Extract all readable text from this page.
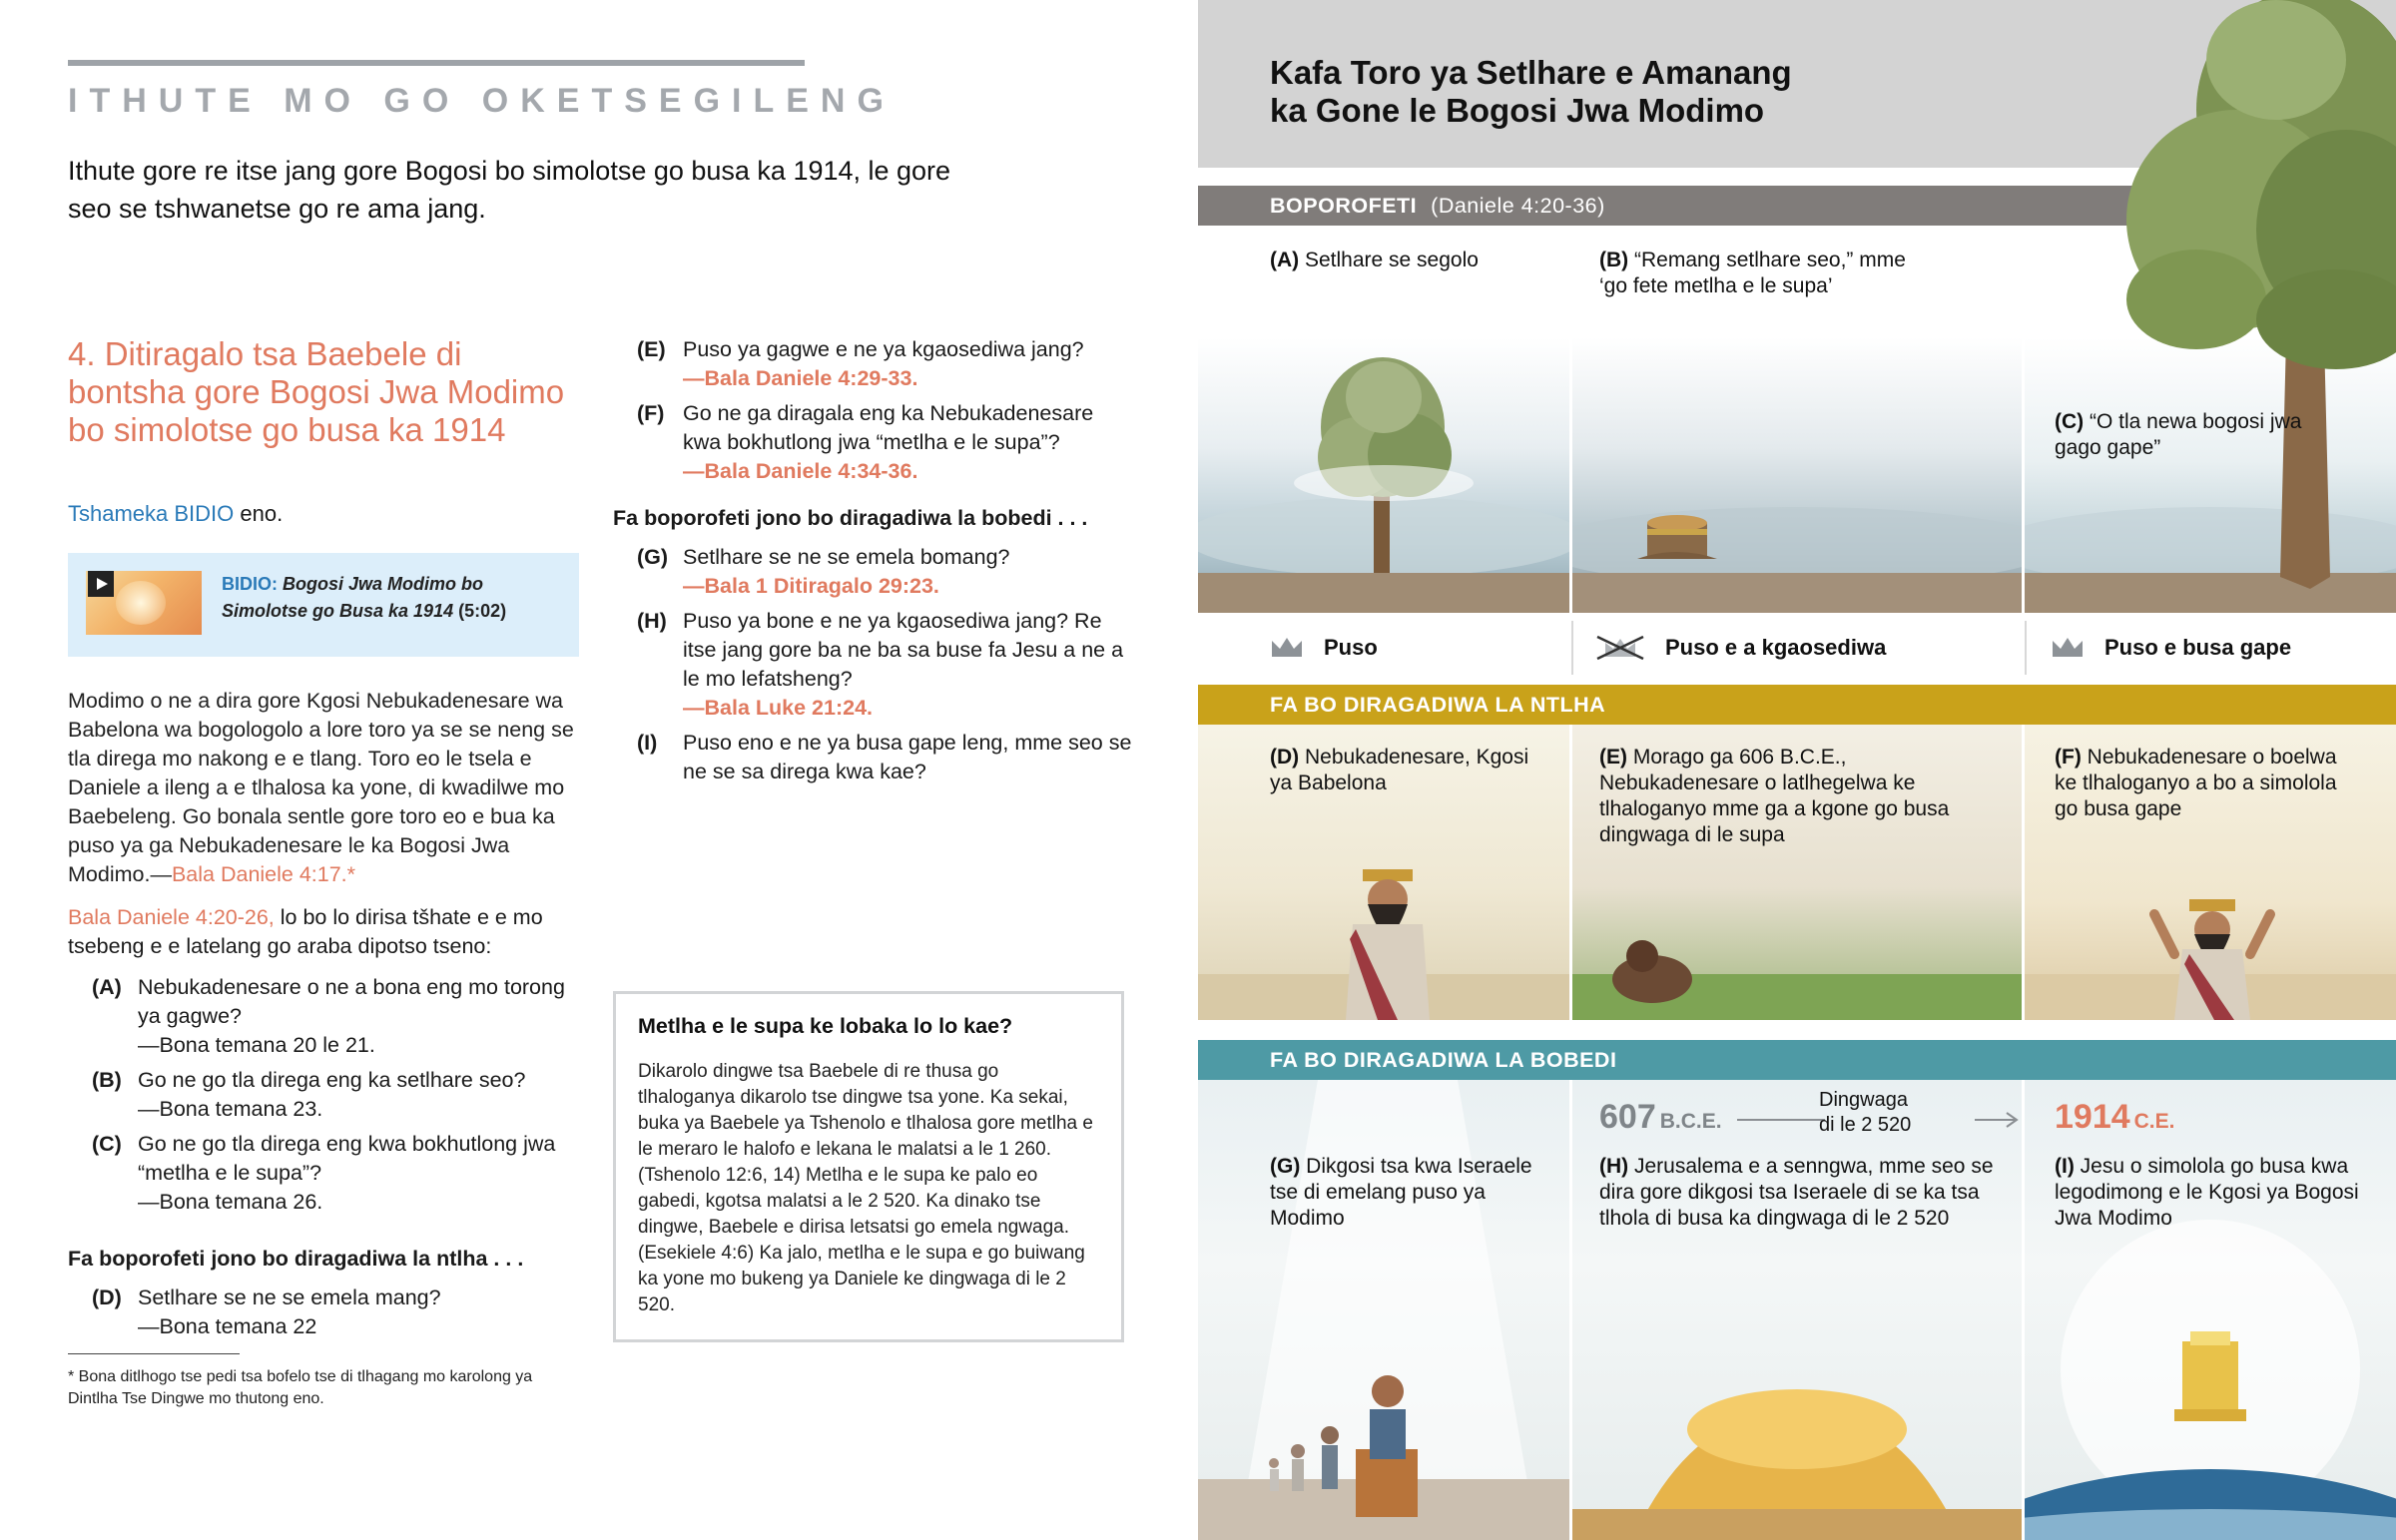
ITHUTE MO GO OKETSEGILENG
Ithute gore re itse jang gore Bogosi bo simolotse go busa ka 1914, le gore seo se tshwanetse go re ama jang.
4. Ditiragalo tsa Baebele di bontsha gore Bogosi Jwa Modimo bo simolotse go busa ka 1914
Tshameka BIDIO eno.
BIDIO: Bogosi Jwa Modimo bo Simolotse go Busa ka 1914 (5:02)

Modimo o ne a dira gore Kgosi Nebukadenesare wa Babelona wa bogologolo a lore toro ya se se neng se tla direga mo nakong e e tlang. Toro eo le tsela e Daniele a ileng a e tlhalosa ka yone, di kwadilwe mo Baebeleng. Go bonala sentle gore toro eo e bua ka puso ya ga Nebukadenesare le ka Bogosi Jwa Modimo.—Bala Daniele 4:17.*

Bala Daniele 4:20-26, lo bo lo dirisa tšhate e e mo tsebeng e e latelang go araba dipotso tseno:

(A) Nebukadenesare o ne a bona eng mo torong ya gagwe?
—Bona temana 20 le 21.
(B) Go ne go tla direga eng ka setlhare seo?
—Bona temana 23.
(C) Go ne go tla direga eng kwa bokhutlong jwa “metlha e le supa”?
—Bona temana 26.
Fa boporofeti jono bo diragadiwa la ntlha . . .
(D) Setlhare se ne se emela mang?
—Bona temana 22
* Bona ditlhogo tse pedi tsa bofelo tse di tlhagang mo karolong ya Dintlha Tse Dingwe mo thutong eno.
(E) Puso ya gagwe e ne ya kgaosediwa jang?
—Bala Daniele 4:29-33.
(F) Go ne ga diragala eng ka Nebukadenesare kwa bokhutlong jwa “metlha e le supa”?
—Bala Daniele 4:34-36.
Fa boporofeti jono bo diragadiwa la bobedi . . .
(G) Setlhare se ne se emela bomang?
—Bala 1 Ditiragalo 29:23.
(H) Puso ya bone e ne ya kgaosediwa jang? Re itse jang gore ba ne ba sa buse fa Jesu a ne a le mo lefatsheng?
—Bala Luke 21:24.
(I)	Puso eno e ne ya busa gape leng, mme seo se ne se sa direga kwa kae?
Metlha e le supa ke lobaka lo lo kae?
Dikarolo dingwe tsa Baebele di re thusa go tlhaloganya dikarolo tse dingwe tsa yone. Ka sekai, buka ya Baebele ya Tshenolo e tlhalosa gore metlha e le meraro le halofo e lekana le malatsi a le 1 260. (Tshenolo 12:6, 14) Metlha e le supa ke palo eo gabedi, kgotsa malatsi a le 2 520. Ka dinako tse dingwe, Baebele e dirisa letsatsi go emela ngwaga. (Esekiele 4:6) Ka jalo, metlha e le supa e go buiwang ka yone mo bukeng ya Daniele ke dingwaga di le 2 520.
Kafa Toro ya Setlhare e Amanang
ka Gone le Bogosi Jwa Modimo
BOPOROFETI (Daniele 4:20-36)
(A) Setlhare se segolo	(B) “Remang setlhare seo,” mme ‘go fete metlha e le supa’
(C) “O tla newa bogosi jwa gago gape”
Puso	Puso e a kgaosediwa	Puso e busa gape
FA BO DIRAGADIWA LA NTLHA
(D) Nebukadenesare, Kgosi ya Babelona
(E) Morago ga 606 B.C.E., Nebukadenesare o latlhegelwa ke tlhaloganyo mme ga a kgone go busa dingwaga di le supa
(F) Nebukadenesare o boelwa ke tlhaloganyo a bo a simolola go busa gape
FA BO DIRAGADIWA LA BOBEDI
607 B.C.E.
Dingwaga
di le 2 520	1914 C.E.
(G) Dikgosi tsa kwa Iseraele tse di emelang puso ya Modimo
(H) Jerusalema e a senngwa, mme seo se dira gore dikgosi tsa Iseraele di se ka tsa tlhola di busa ka dingwaga di le 2 520
(I) Jesu o simolola go busa kwa legodimong e le Kgosi ya Bogosi Jwa Modimo
